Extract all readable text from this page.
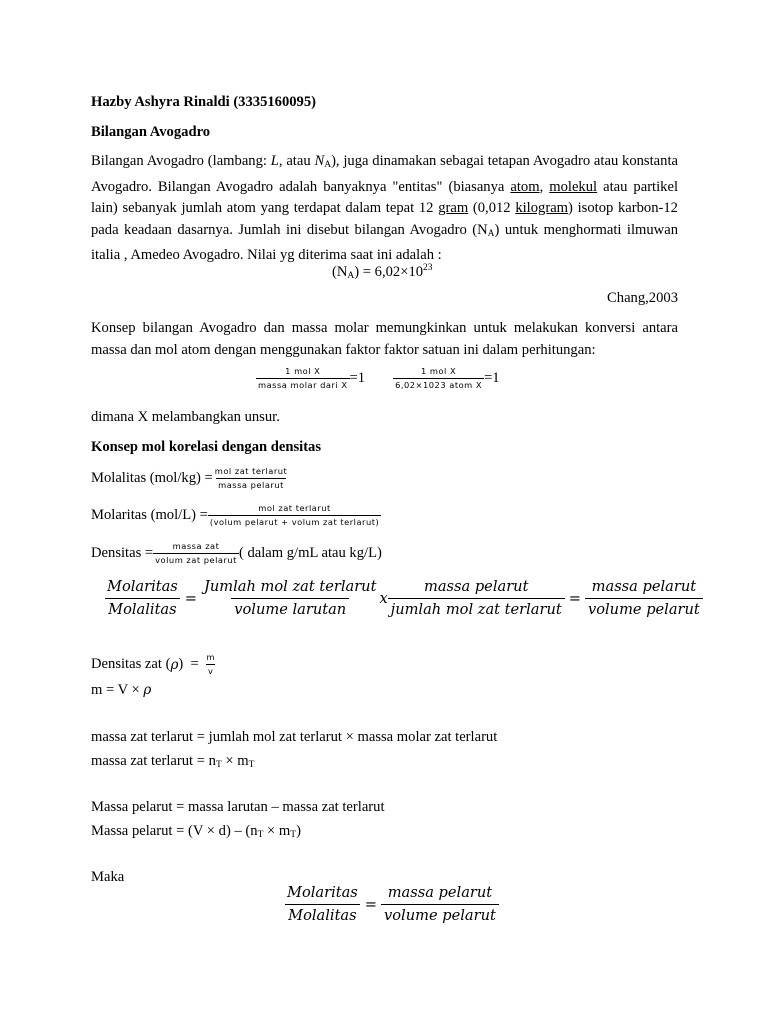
Hazby Ashyra Rinaldi (3335160095)
Bilangan Avogadro

Bilangan Avogadro (lambang: L, atau $N_A$), juga dinamakan sebagai tetapan Avogadro atau konstanta Avogadro. Bilangan Avogadro adalah banyaknya "entitas" (biasanya atom, molekul atau partikel lain) sebanyak jumlah atom yang terdapat dalam tepat 12 gram (0,012 kilogram) isotop karbon-12 pada keadaan dasarnya. Jumlah ini disebut bilangan Avogadro $(N_A)$ untuk menghormati ilmuwan italia , Amedeo Avogadro. Nilai yg diterima saat ini adalah :

$(N_A) = 6,02\times 10^{23}$
Chang,2003

Konsep bilangan Avogadro dan massa molar memungkinkan untuk melakukan konversi antara massa dan mol atom dengan menggunakan faktor faktor satuan ini dalam perhitungan:

$\frac{\text{1 mol X}}{\text{massa molar dari X}} =1$	$\frac{\text{1 mol X}}{\text{6,02×1023 atom X}} =1$
dimana X melambangkan unsur.
Konsep mol korelasi dengan densitas
Molalitas $(mol/kg) = \frac{\text{mol zat terlarut}}{\text{massa pelarut}}$
Molaritas $(mol/L) = \frac{\text{mol zat terlarut}}{\text{(volum pelarut + volum zat terlarut)}}$
Densitas = $\frac{\text{massa zat}}{\text{volum zat pelarut}}$ ( dalam g/mL atau kg/L)
$\frac{\text{Molaritas}}{\text{Molalitas}} = \frac{\text{Jumlah mol zat terlarut}}{\text{volume larutan}}$ x $\frac{\text{massa pelarut}}{\text{jumlah mol zat terlarut}} = \frac{\text{massa pelarut}}{\text{volume pelarut}}$
Densitas zat ( ρ )  = $\frac{m}{v}$
m = V × ρ
massa zat terlarut = jumlah mol zat terlarut × massa molar zat terlarut
massa zat terlarut = $n_T \times m_T$
Massa pelarut = massa larutan – massa zat terlarut
Massa pelarut = $(V \times d) - (n_T \times m_T)$
Maka
$\frac{\text{Molaritas}}{\text{Molalitas}} = \frac{\text{massa pelarut}}{\text{volume pelarut}}$
